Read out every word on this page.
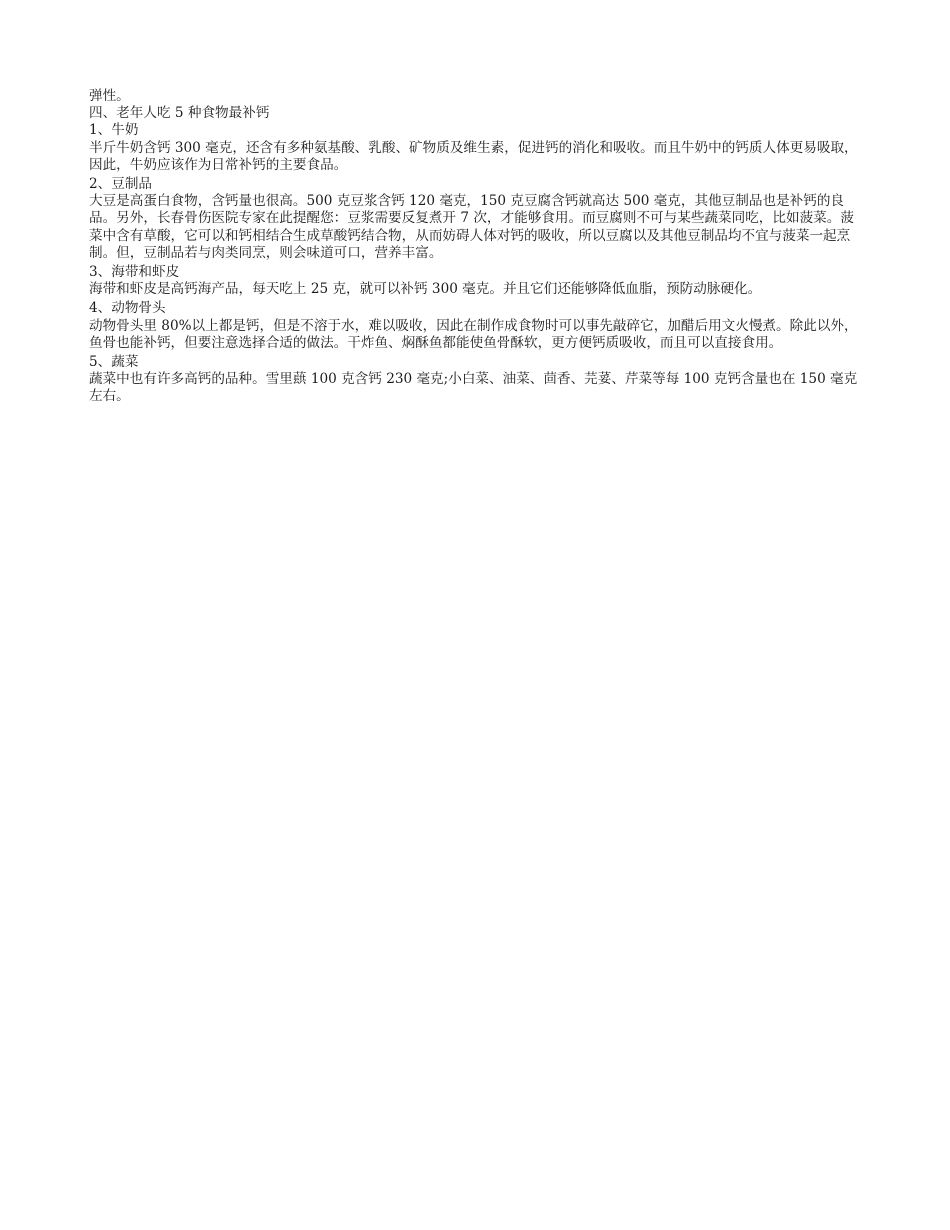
弹性。

四、老年人吃 5 种食物最补钙

1、牛奶

半斤牛奶含钙 300 毫克，还含有多种氨基酸、乳酸、矿物质及维生素，促进钙的消化和吸收。而且牛奶中的钙质人体更易吸取，因此，牛奶应该作为日常补钙的主要食品。

2、豆制品

大豆是高蛋白食物，含钙量也很高。500 克豆浆含钙 120 毫克，150 克豆腐含钙就高达 500 毫克，其他豆制品也是补钙的良品。另外，长春骨伤医院专家在此提醒您：豆浆需要反复煮开 7 次，才能够食用。而豆腐则不可与某些蔬菜同吃，比如菠菜。菠菜中含有草酸，它可以和钙相结合生成草酸钙结合物，从而妨碍人体对钙的吸收，所以豆腐以及其他豆制品均不宜与菠菜一起烹制。但，豆制品若与肉类同烹，则会味道可口，营养丰富。

3、海带和虾皮

海带和虾皮是高钙海产品，每天吃上 25 克，就可以补钙 300 毫克。并且它们还能够降低血脂，预防动脉硬化。

4、动物骨头

动物骨头里 80%以上都是钙，但是不溶于水，难以吸收，因此在制作成食物时可以事先敲碎它，加醋后用文火慢煮。除此以外，鱼骨也能补钙，但要注意选择合适的做法。干炸鱼、焖酥鱼都能使鱼骨酥软，更方便钙质吸收，而且可以直接食用。

5、蔬菜

蔬菜中也有许多高钙的品种。雪里蕻 100 克含钙 230 毫克;小白菜、油菜、茴香、芫荽、芹菜等每 100 克钙含量也在 150 毫克左右。
